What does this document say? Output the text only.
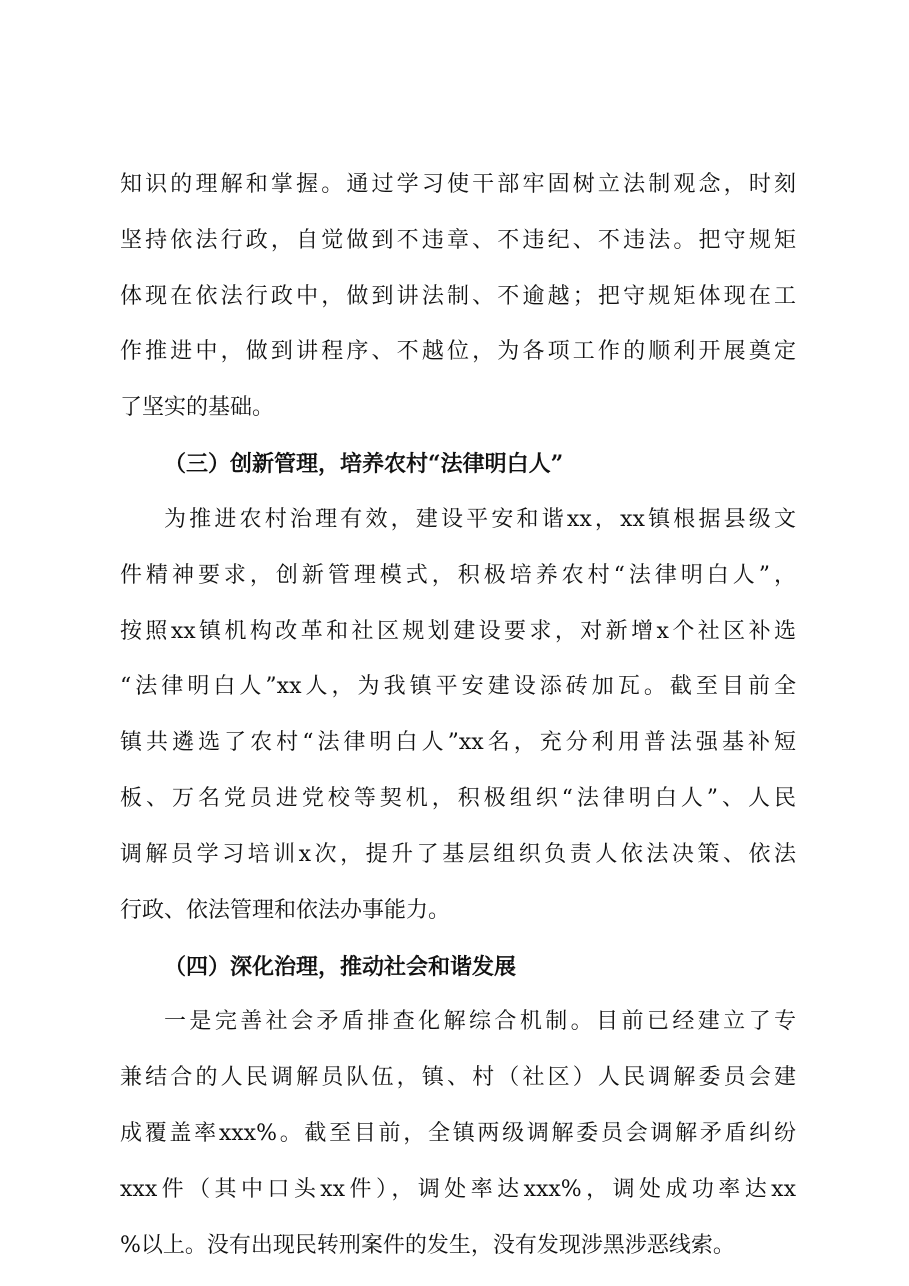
知识的理解和掌握。通过学习使干部牢固树立法制观念，时刻
坚持依法行政，自觉做到不违章、不违纪、不违法。把守规矩
体现在依法行政中，做到讲法制、不逾越；把守规矩体现在工
作推进中，做到讲程序、不越位，为各项工作的顺利开展奠定
了坚实的基础。
（三）创新管理，培养农村“法律明白人”
为推进农村治理有效，建设平安和谐xx，xx镇根据县级文
件精神要求，创新管理模式，积极培养农村“法律明白人”，
按照xx镇机构改革和社区规划建设要求，对新增x个社区补选
“法律明白人”xx人，为我镇平安建设添砖加瓦。截至目前全
镇共遴选了农村“法律明白人”xx名，充分利用普法强基补短
板、万名党员进党校等契机，积极组织“法律明白人”、人民
调解员学习培训x次，提升了基层组织负责人依法决策、依法
行政、依法管理和依法办事能力。
（四）深化治理，推动社会和谐发展
一是完善社会矛盾排查化解综合机制。目前已经建立了专
兼结合的人民调解员队伍，镇、村（社区）人民调解委员会建
成覆盖率xxx%。截至目前，全镇两级调解委员会调解矛盾纠纷
xxx件（其中口头xx件），调处率达xxx%，调处成功率达xx
%以上。没有出现民转刑案件的发生，没有发现涉黑涉恶线索。
